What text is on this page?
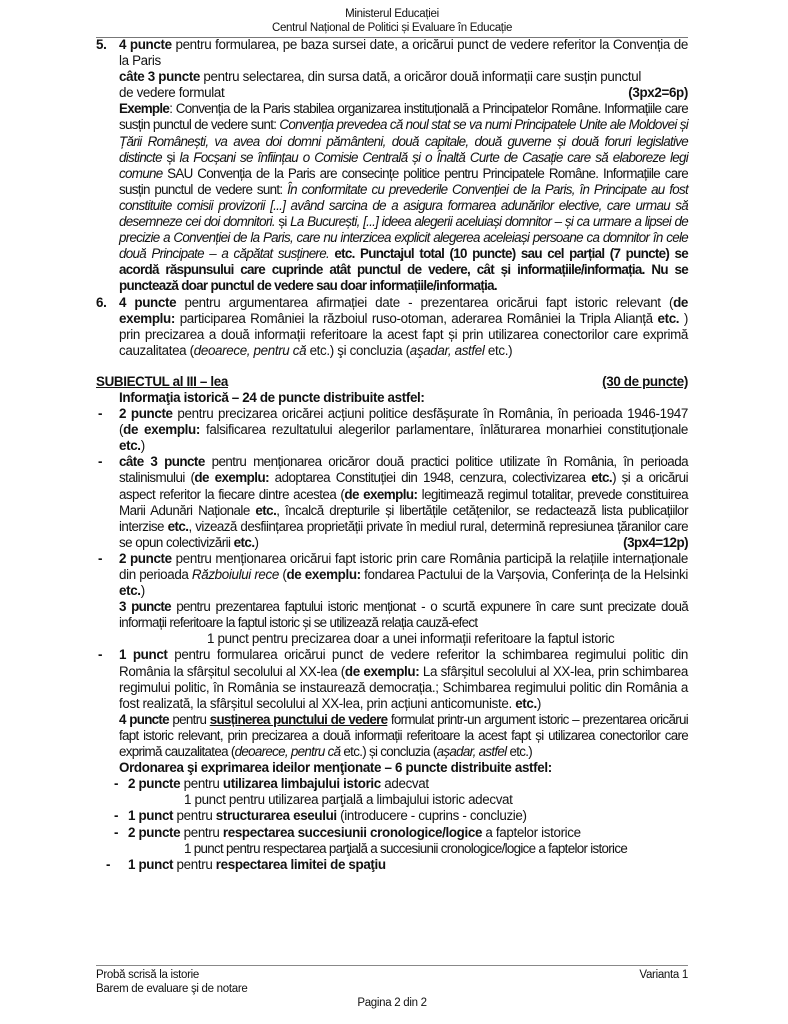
Ministerul Educației
Centrul Național de Politici și Evaluare în Educație
5. 4 puncte pentru formularea, pe baza sursei date, a oricărui punct de vedere referitor la Convenția de la Paris
câte 3 puncte pentru selectarea, din sursa dată, a oricăror două informații care susțin punctul
de vedere formulat	(3px2=6p)
Exemple: Convenția de la Paris stabilea organizarea instituțională a Principatelor Române. Informațiile care susțin punctul de vedere sunt: Convenția prevedea că noul stat se va numi Principatele Unite ale Moldovei și Țării Românești, va avea doi domni pământeni, două capitale, două guverne și două foruri legislative distincte și la Focșani se înființau o Comisie Centrală și o Înaltă Curte de Casație care să elaboreze legi comune SAU Convenția de la Paris are consecințe politice pentru Principatele Române. Informațiile care susțin punctul de vedere sunt: În conformitate cu prevederile Convenției de la Paris, în Principate au fost constituite comisii provizorii [...] având sarcina de a asigura formarea adunărilor elective, care urmau să desemneze cei doi domnitori. și La București, [...] ideea alegerii aceluiași domnitor – și ca urmare a lipsei de precizie a Convenției de la Paris, care nu interzicea explicit alegerea aceleiași persoane ca domnitor în cele două Principate – a căpătat susținere. etc. Punctajul total (10 puncte) sau cel parțial (7 puncte) se acordă răspunsului care cuprinde atât punctul de vedere, cât și informațiile/informația. Nu se punctează doar punctul de vedere sau doar informațiile/informația.
6. 4 puncte pentru argumentarea afirmației date - prezentarea oricărui fapt istoric relevant (de exemplu: participarea României la războiul ruso-otoman, aderarea României la Tripla Alianță etc. ) prin precizarea a două informații referitoare la acest fapt și prin utilizarea conectorilor care exprimă cauzalitatea (deoarece, pentru că etc.) şi concluzia (aşadar, astfel etc.)
SUBIECTUL al III – lea	(30 de puncte)
Informaţia istorică – 24 de puncte distribuite astfel:
- 2 puncte pentru precizarea oricărei acțiuni politice desfășurate în România, în perioada 1946-1947 (de exemplu: falsificarea rezultatului alegerilor parlamentare, înlăturarea monarhiei constituționale etc.)
- câte 3 puncte pentru menționarea oricăror două practici politice utilizate în România, în perioada stalinismului (de exemplu: adoptarea Constituției din 1948, cenzura, colectivizarea etc.) și a oricărui aspect referitor la fiecare dintre acestea (de exemplu: legitimează regimul totalitar, prevede constituirea Marii Adunări Naționale etc., încalcă drepturile și libertățile cetățenilor, se redactează lista publicațiilor interzise etc., vizează desființarea proprietății private în mediul rural, determină represiunea țăranilor care se opun colectivizării etc.)	(3px4=12p)
- 2 puncte pentru menționarea oricărui fapt istoric prin care România participă la relațiile internaționale din perioada Războiului rece (de exemplu: fondarea Pactului de la Varșovia, Conferința de la Helsinki etc.)
3 puncte pentru prezentarea faptului istoric menționat - o scurtă expunere în care sunt precizate două informații referitoare la faptul istoric și se utilizează relația cauză-efect
1 punct pentru precizarea doar a unei informații referitoare la faptul istoric
- 1 punct pentru formularea oricărui punct de vedere referitor la schimbarea regimului politic din România la sfârșitul secolului al XX-lea (de exemplu: La sfârșitul secolului al XX-lea, prin schimbarea regimului politic, în România se instaurează democrația.; Schimbarea regimului politic din România a fost realizată, la sfârșitul secolului al XX-lea, prin acțiuni anticomuniste. etc.)
4 puncte pentru susținerea punctului de vedere formulat printr-un argument istoric – prezentarea oricărui fapt istoric relevant, prin precizarea a două informații referitoare la acest fapt și utilizarea conectorilor care exprimă cauzalitatea (deoarece, pentru că etc.) și concluzia (așadar, astfel etc.)
Ordonarea şi exprimarea ideilor menţionate – 6 puncte distribuite astfel:
- 2 puncte pentru utilizarea limbajului istoric adecvat
1 punct pentru utilizarea parţială a limbajului istoric adecvat
- 1 punct pentru structurarea eseului (introducere - cuprins - concluzie)
- 2 puncte pentru respectarea succesiunii cronologice/logice a faptelor istorice
1 punct pentru respectarea parţială a succesiunii cronologice/logice a faptelor istorice
- 1 punct pentru respectarea limitei de spaţiu
Probă scrisă la istorie
Barem de evaluare şi de notare
Varianta 1
Pagina 2 din 2
